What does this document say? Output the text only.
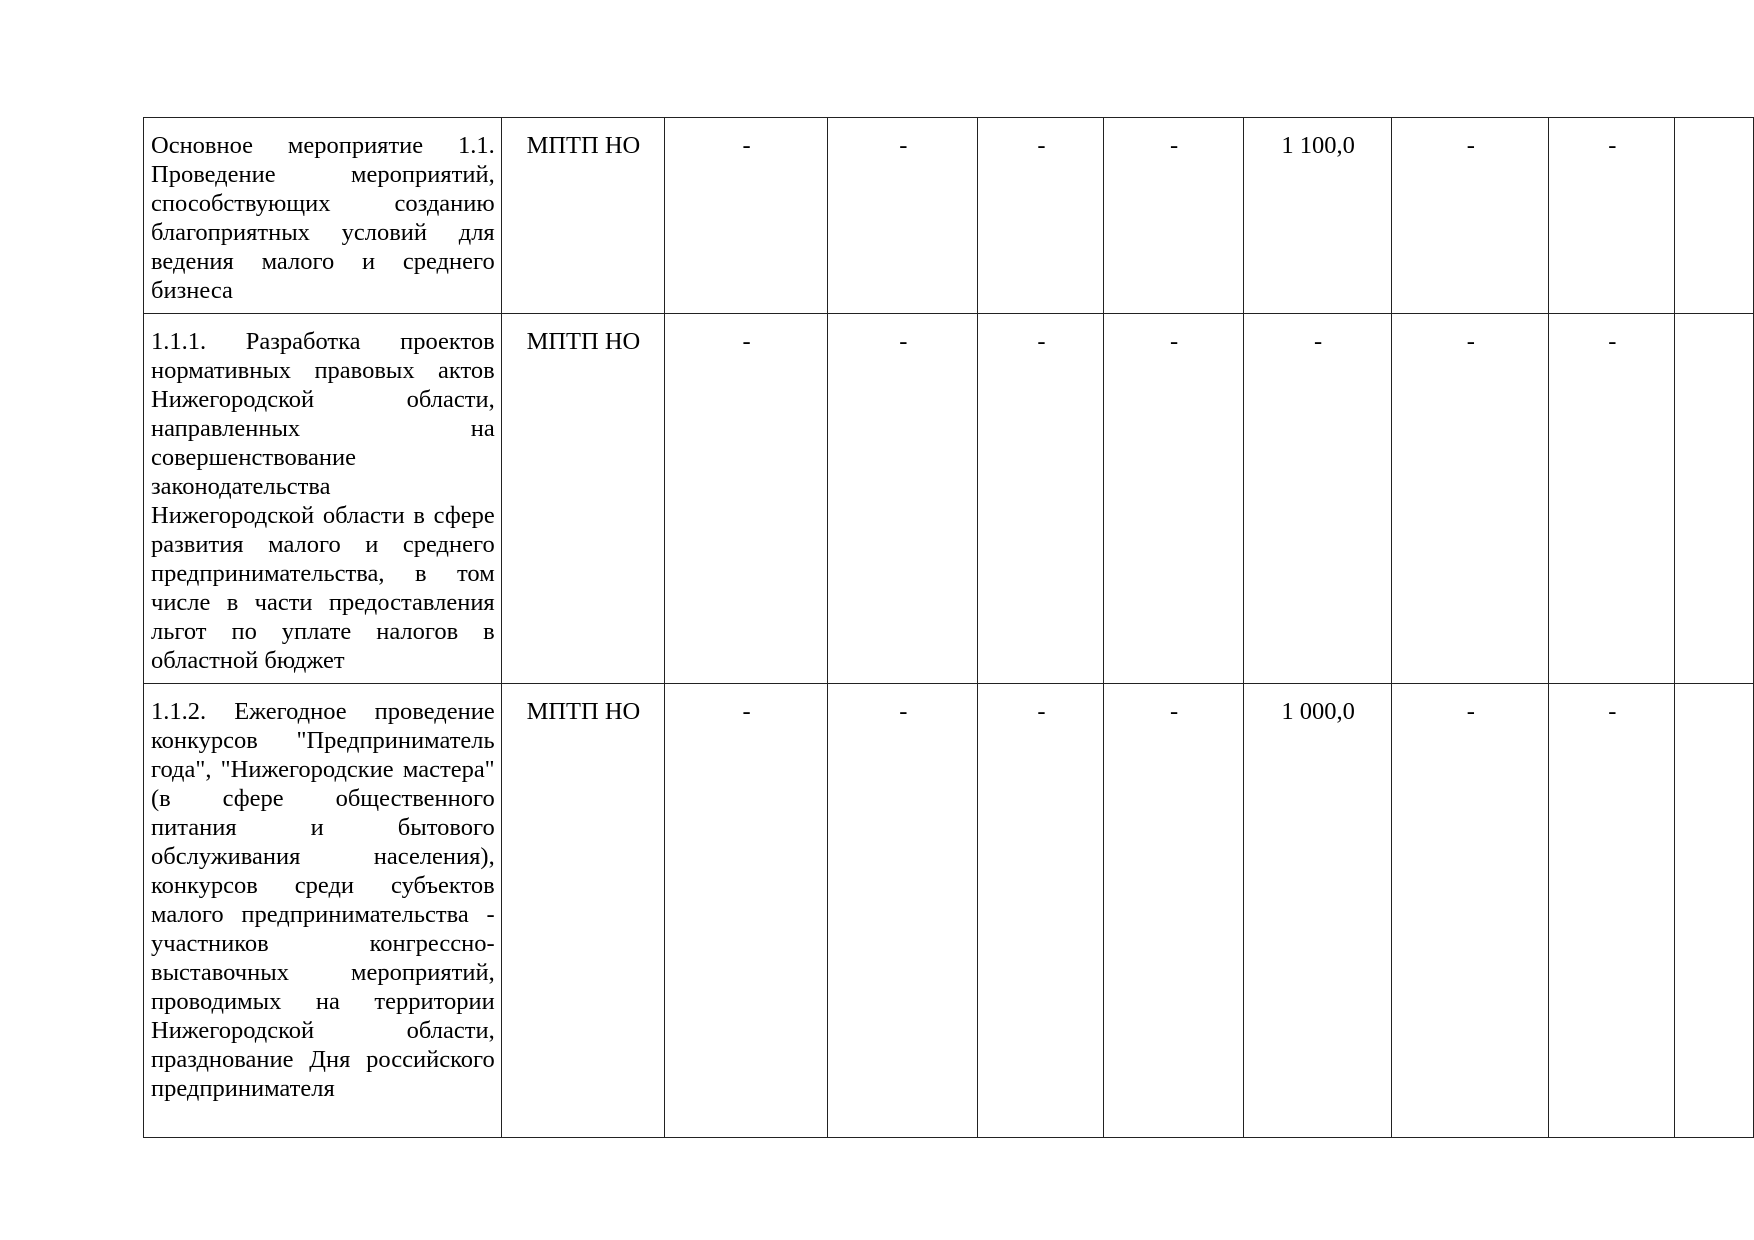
Основное мероприятие 1.1. Проведение мероприятий, способствующих созданию благоприятных условий для ведения малого и среднего бизнеса	МПТП НО	-	-	-	-	1 100,0	-	-	
1.1.1. Разработка проектов нормативных правовых актов Нижегородской области, направленных на совершенствование законодательства Нижегородской области в сфере развития малого и среднего предпринимательства, в том числе в части предоставления льгот по уплате налогов в областной бюджет	МПТП НО	-	-	-	-	-	-	-	
1.1.2. Ежегодное проведение конкурсов "Предприниматель года", "Нижегородские мастера" (в сфере общественного питания и бытового обслуживания населения), конкурсов среди субъектов малого предпринимательства - участников конгрессно-выставочных мероприятий, проводимых на территории Нижегородской области, празднование Дня российского предпринимателя	МПТП НО	-	-	-	-	1 000,0	-	-	
